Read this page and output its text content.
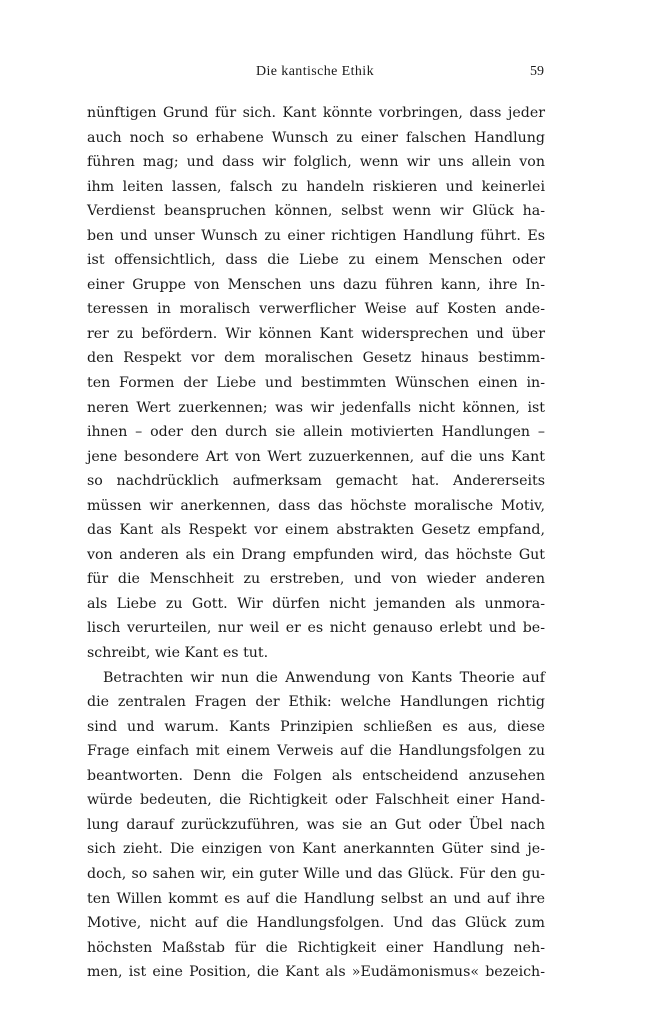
Die kantische Ethik	59
nünftigen Grund für sich. Kant könnte vorbringen, dass jeder
auch noch so erhabene Wunsch zu einer falschen Handlung
führen mag; und dass wir folglich, wenn wir uns allein von
ihm leiten lassen, falsch zu handeln riskieren und keinerlei
Verdienst beanspruchen können, selbst wenn wir Glück ha-
ben und unser Wunsch zu einer richtigen Handlung führt. Es
ist offensichtlich, dass die Liebe zu einem Menschen oder
einer Gruppe von Menschen uns dazu führen kann, ihre In-
teressen in moralisch verwerflicher Weise auf Kosten ande-
rer zu befördern. Wir können Kant widersprechen und über
den Respekt vor dem moralischen Gesetz hinaus bestimm-
ten Formen der Liebe und bestimmten Wünschen einen in-
neren Wert zuerkennen; was wir jedenfalls nicht können, ist
ihnen – oder den durch sie allein motivierten Handlungen –
jene besondere Art von Wert zuzuerkennen, auf die uns Kant
so nachdrücklich aufmerksam gemacht hat. Andererseits
müssen wir anerkennen, dass das höchste moralische Motiv,
das Kant als Respekt vor einem abstrakten Gesetz empfand,
von anderen als ein Drang empfunden wird, das höchste Gut
für die Menschheit zu erstreben, und von wieder anderen
als Liebe zu Gott. Wir dürfen nicht jemanden als unmora-
lisch verurteilen, nur weil er es nicht genauso erlebt und be-
schreibt, wie Kant es tut.
Betrachten wir nun die Anwendung von Kants Theorie auf
die zentralen Fragen der Ethik: welche Handlungen richtig
sind und warum. Kants Prinzipien schließen es aus, diese
Frage einfach mit einem Verweis auf die Handlungsfolgen zu
beantworten. Denn die Folgen als entscheidend anzusehen
würde bedeuten, die Richtigkeit oder Falschheit einer Hand-
lung darauf zurückzuführen, was sie an Gut oder Übel nach
sich zieht. Die einzigen von Kant anerkannten Güter sind je-
doch, so sahen wir, ein guter Wille und das Glück. Für den gu-
ten Willen kommt es auf die Handlung selbst an und auf ihre
Motive, nicht auf die Handlungsfolgen. Und das Glück zum
höchsten Maßstab für die Richtigkeit einer Handlung neh-
men, ist eine Position, die Kant als »Eudämonismus« bezeich-
